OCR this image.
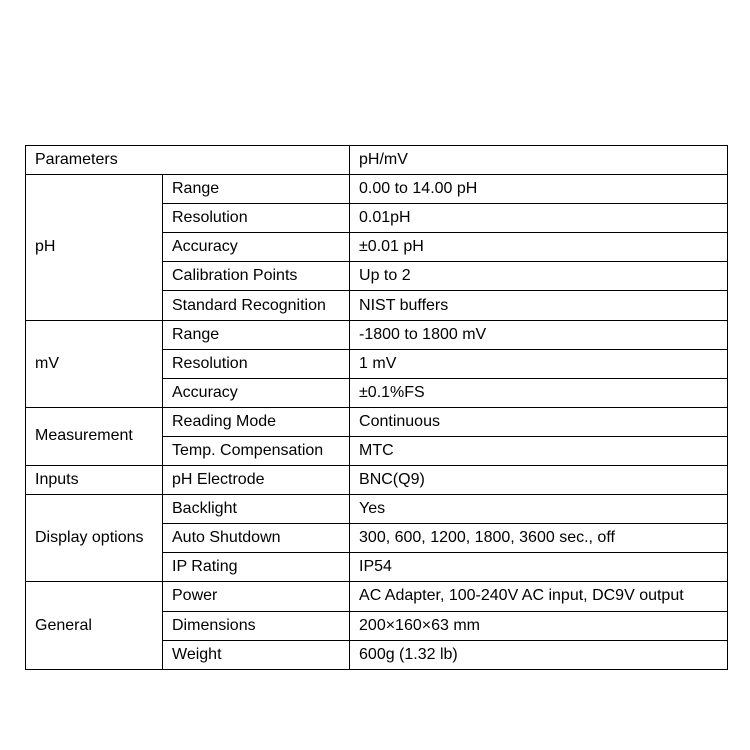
Parameters		pH/mV
pH	Range	0.00 to 14.00 pH
	Resolution	0.01pH
	Accuracy	±0.01 pH
	Calibration Points	Up to 2
	Standard Recognition	NIST buffers
mV	Range	-1800 to 1800 mV
	Resolution	1 mV
	Accuracy	±0.1%FS
Measurement	Reading Mode	Continuous
	Temp. Compensation	MTC
Inputs	pH Electrode	BNC(Q9)
Display options	Backlight	Yes
	Auto Shutdown	300, 600, 1200, 1800, 3600 sec., off
	IP Rating	IP54
General	Power	AC Adapter, 100-240V AC input, DC9V output
	Dimensions	200×160×63 mm
	Weight	600g (1.32 lb)
